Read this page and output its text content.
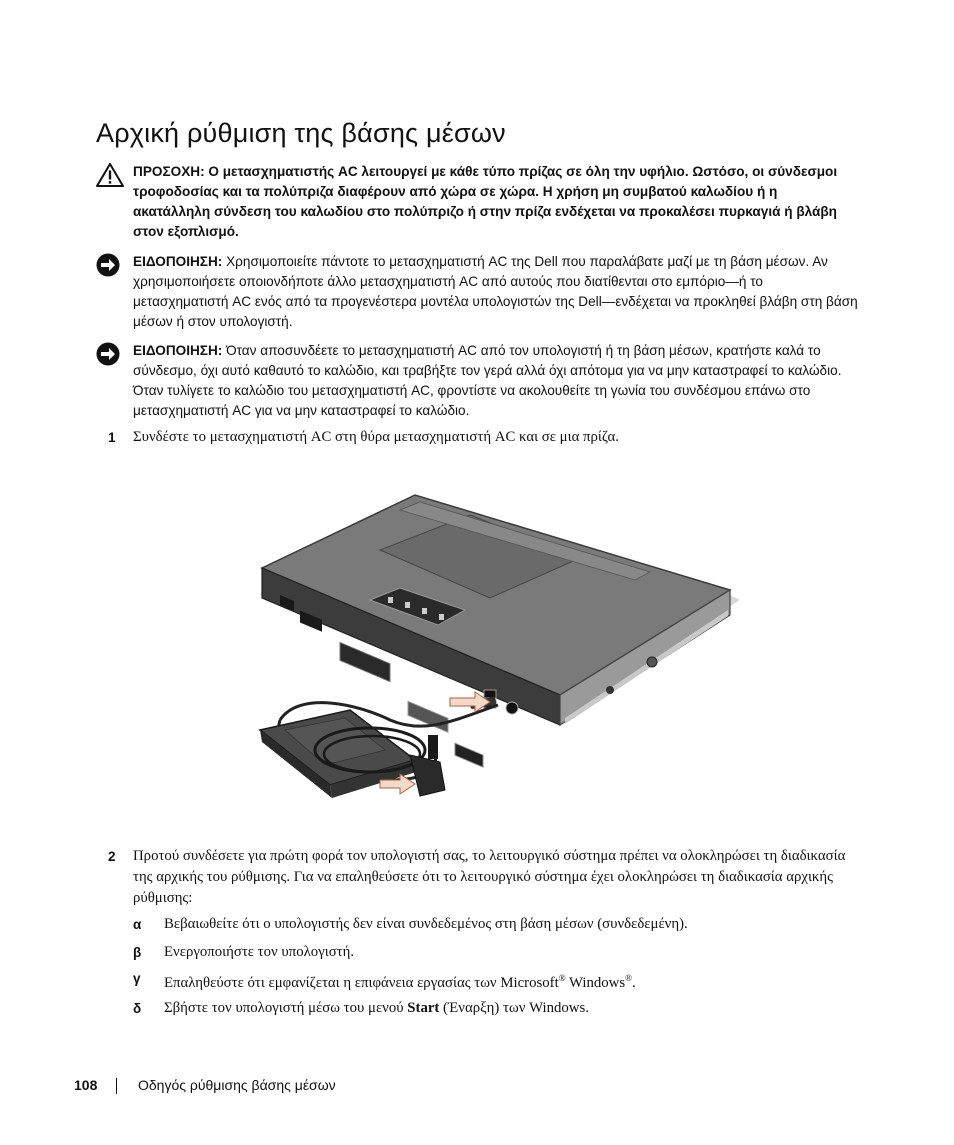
Αρχική ρύθμιση της βάσης μέσων
ΠΡΟΣΟΧΗ: Ο μετασχηματιστής AC λειτουργεί με κάθε τύπο πρίζας σε όλη την υφήλιο. Ωστόσο, οι σύνδεσμοι τροφοδοσίας και τα πολύπριζα διαφέρουν από χώρα σε χώρα. Η χρήση μη συμβατού καλωδίου ή η ακατάλληλη σύνδεση του καλωδίου στο πολύπριζο ή στην πρίζα ενδέχεται να προκαλέσει πυρκαγιά ή βλάβη στον εξοπλισμό.
ΕΙΔΟΠΟΙΗΣΗ: Χρησιμοποιείτε πάντοτε το μετασχηματιστή AC της Dell που παραλάβατε μαζί με τη βάση μέσων. Αν χρησιμοποιήσετε οποιονδήποτε άλλο μετασχηματιστή AC από αυτούς που διατίθενται στο εμπόριο—ή το μετασχηματιστή AC ενός από τα προγενέστερα μοντέλα υπολογιστών της Dell—ενδέχεται να προκληθεί βλάβη στη βάση μέσων ή στον υπολογιστή.
ΕΙΔΟΠΟΙΗΣΗ: Όταν αποσυνδέετε το μετασχηματιστή AC από τον υπολογιστή ή τη βάση μέσων, κρατήστε καλά το σύνδεσμο, όχι αυτό καθαυτό το καλώδιο, και τραβήξτε τον γερά αλλά όχι απότομα για να μην καταστραφεί το καλώδιο. Όταν τυλίγετε το καλώδιο του μετασχηματιστή AC, φροντίστε να ακολουθείτε τη γωνία του συνδέσμου επάνω στο μετασχηματιστή AC για να μην καταστραφεί το καλώδιο.
1 Συνδέστε το μετασχηματιστή AC στη θύρα μετασχηματιστή AC και σε μια πρίζα.
2 Προτού συνδέσετε για πρώτη φορά τον υπολογιστή σας, το λειτουργικό σύστημα πρέπει να ολοκληρώσει τη διαδικασία της αρχικής του ρύθμισης. Για να επαληθεύσετε ότι το λειτουργικό σύστημα έχει ολοκληρώσει τη διαδικασία αρχικής ρύθμισης:
α Βεβαιωθείτε ότι ο υπολογιστής δεν είναι συνδεδεμένος στη βάση μέσων (συνδεδεμένη).
β Ενεργοποιήστε τον υπολογιστή.
γ Επαληθεύστε ότι εμφανίζεται η επιφάνεια εργασίας των Microsoft® Windows®.
δ Σβήστε τον υπολογιστή μέσω του μενού Start (Έναρξη) των Windows.
108	Οδηγός ρύθμισης βάσης μέσων
